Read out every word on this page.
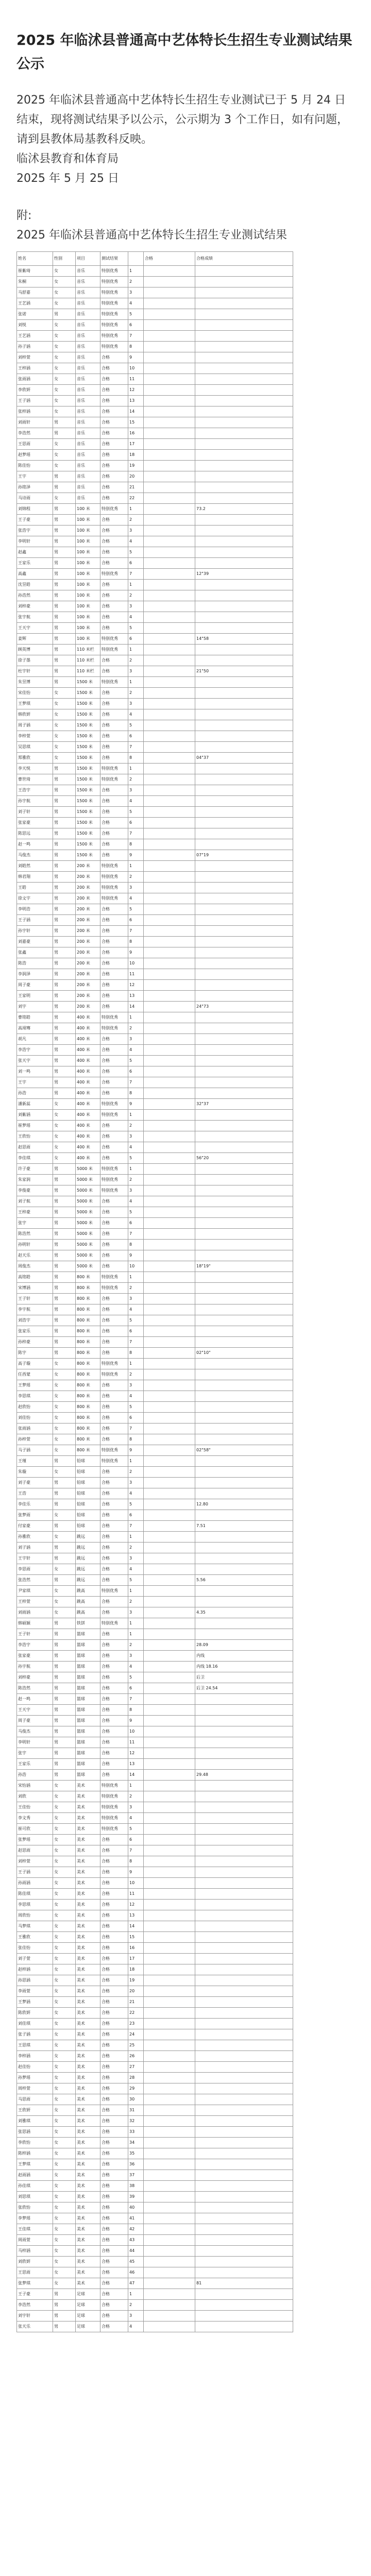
2025 年临沭县普通高中艺体特长生招生专业测试结果公示

2025 年临沭县普通高中艺体特长生招生专业测试已于 5 月 24 日结束，现将测试结果予以公示，公示期为 3 个工作日，如有问题，请到县教体局基教科反映。

临沭县教育和体育局

2025 年 5 月 25 日

附:

2025 年临沭县普通高中艺体特长生招生专业测试结果

姓名	性别	项目	测试结果		合格	合格成绩
崔紫琦	女	音乐	特别优秀	1		
朱桐	女	音乐	特别优秀	2		
马舒嘉	女	音乐	特别优秀	3		
王艺涵	女	音乐	特别优秀	4		
张诺	男	音乐	特别优秀	5		
刘悦	女	音乐	特别优秀	6		
王艺涵	女	音乐	特别优秀	7		
孙子涵	女	音乐	特别优秀	8		
刘梓萱	女	音乐	合格	9		
王梓涵	女	音乐	合格	10		
张雨涵	女	音乐	合格	11		
李欣妍	女	音乐	合格	12		
王子涵	女	音乐	合格	13		
张梓涵	女	音乐	合格	14		
刘雨轩	男	音乐	合格	15		
李浩然	男	音乐	合格	16		
王思雨	女	音乐	合格	17		
赵梦瑶	女	音乐	合格	18		
陈佳怡	女	音乐	合格	19		
王宇	男	音乐	合格	20		
孙铭泽	男	音乐	合格	21		
马诗雨	女	音乐	合格	22		
刘锦程	男	100 米	特别优秀	1		73.2
王子豪	男	100 米	合格	2		
张浩宇	男	100 米	合格	3		
李明轩	男	100 米	合格	4		
赵鑫	男	100 米	合格	5		
王家乐	男	100 米	合格	6		
高鑫	男	100 米	特别优秀	7		12"39
沈昱皓	男	100 米	合格	1		
孙浩然	男	100 米	合格	2		
刘梓豪	男	100 米	合格	3		
张宇航	男	100 米	合格	4		
王天宇	男	100 米	合格	5		
姜辉	男	100 米	特别优秀	6		14"58
顾英博	男	110 米栏	特别优秀	1		
徐子墨	男	110 米栏	合格	2		
杜宇轩	男	110 米栏	合格	3		21"50
朱昱博	男	1500 米	特别优秀	1		
宋佳怡	女	1500 米	合格	2		
王梦琪	女	1500 米	合格	3		
韩欣妍	女	1500 米	合格	4		
周子涵	女	1500 米	合格	5		
李梓萱	女	1500 米	合格	6		
吴思琪	女	1500 米	合格	7		
郑雅欣	女	1500 米	合格	8		04"37
李天悦	男	1500 米	特别优秀	1		
曹世琦	男	1500 米	特别优秀	2		
王浩宇	男	1500 米	合格	3		
孙宇航	男	1500 米	合格	4		
刘子轩	男	1500 米	合格	5		
张家豪	男	1500 米	合格	6		
陈思远	男	1500 米	合格	7		
赵一鸣	男	1500 米	合格	8		
马俊杰	男	1500 米	合格	9		07"19
刘皓然	男	200 米	特别优秀	1		
韩君翔	男	200 米	特别优秀	2		
王皓	男	200 米	特别优秀	3		
徐文宇	男	200 米	特别优秀	4		
李明浩	男	200 米	合格	5		
王子涵	男	200 米	合格	6		
孙宇轩	男	200 米	合格	7		
刘嘉豪	男	200 米	合格	8		
张鑫	男	200 米	合格	9		
陈浩	男	200 米	合格	10		
李润泽	男	200 米	合格	11		
周子豪	男	200 米	合格	12		
王家明	男	200 米	合格	13		
刘宇	男	200 米	合格	14		24"73
曹铭皓	男	400 米	特别优秀	1		
高翊骞	男	400 米	特别优秀	2		
胡凡	男	400 米	合格	3		
李浩宇	男	400 米	合格	4		
张天宇	男	400 米	合格	5		
刘一鸣	男	400 米	合格	6		
王宇	男	400 米	合格	7		
孙浩	男	400 米	合格	8		
潘新蕊	女	400 米	特别优秀	9		32"37
刘紫涵	女	400 米	特别优秀	1		
崔梦瑶	女	400 米	合格	2		
王欣怡	女	400 米	合格	3		
赵思雨	女	400 米	合格	4		
李佳琪	女	400 米	合格	5		56"20
许子豪	男	5000 米	特别优秀	1		
朱家润	男	5000 米	特别优秀	2		
李俊豪	男	5000 米	特别优秀	3		
刘子航	男	5000 米	合格	4		
王梓豪	男	5000 米	合格	5		
张宇	男	5000 米	合格	6		
陈浩然	男	5000 米	合格	7		
孙明轩	男	5000 米	合格	8		
赵天乐	男	5000 米	合格	9		
周俊杰	男	5000 米	合格	10		18"19"
高铭皓	男	800 米	特别优秀	1		
宋博涵	男	800 米	特别优秀	2		
王子轩	男	800 米	合格	3		
李宇航	男	800 米	合格	4		
刘浩宇	男	800 米	合格	5		
张家乐	男	800 米	合格	6		
孙梓豪	男	800 米	合格	7		
陈宇	男	800 米	合格	8		02"10"
高子璇	女	800 米	特别优秀	1		
任西蒙	女	800 米	特别优秀	2		
王梦瑶	女	800 米	合格	3		
李思琪	女	800 米	合格	4		
赵欣怡	女	800 米	合格	5		
刘佳怡	女	800 米	合格	6		
张雨涵	女	800 米	合格	7		
孙梓萱	女	800 米	合格	8		
马子涵	女	800 米	特别优秀	9		02"58"
王瑾	男	铅球	特别优秀	1		
朱璇	女	铅球	合格	2		
刘子豪	男	铅球	合格	3		
王浩	男	铅球	合格	4		
李佳乐	男	铅球	合格	5		12.80
张梦雨	女	铅球	合格	6		
付家豪	男	铅球	合格	7		7.51
孙雅欣	女	跳远	合格	1		
刘子涵	男	跳远	合格	2		
王宇轩	男	跳远	合格	3		
李思雨	女	跳远	合格	4		
张浩然	男	跳远	合格	5		5.56
尹家琪	女	跳高	特别优秀	1		
王梓萱	女	跳高	合格	2		
刘雨涵	女	跳高	合格	3		4.35
韩硕颖	男	铁饼	特别优秀	1		
王子轩	男	篮球	合格	1		
李浩宇	男	篮球	合格	2		28.09
张家豪	男	篮球	合格	3		内线
孙宇航	男	篮球	合格	4		内线 18.16
刘梓豪	男	篮球	合格	5		后卫
陈浩然	男	篮球	合格	6		后卫 24.54
赵一鸣	男	篮球	合格	7		
王天宇	男	篮球	合格	8		
周子豪	男	篮球	合格	9		
马俊杰	男	篮球	合格	10		
李明轩	男	篮球	合格	11		
张宇	男	篮球	合格	12		
王家乐	男	篮球	合格	13		
孙浩	男	篮球	合格	14		29.48
宋怡涵	女	美术	特别优秀	1		
刘欣	女	美术	特别优秀	2		
王佳怡	女	美术	特别优秀	3		
李文秀	女	美术	特别优秀	4		
崔可欣	女	美术	特别优秀	5		
张梦瑶	女	美术	合格	6		
赵思雨	女	美术	合格	7		
刘梓萱	女	美术	合格	8		
王子涵	女	美术	合格	9		
孙雨涵	女	美术	合格	10		
陈佳琪	女	美术	合格	11		
李思琪	女	美术	合格	12		
周欣怡	女	美术	合格	13		
马梦琪	女	美术	合格	14		
王雅欣	女	美术	合格	15		
张佳怡	女	美术	合格	16		
刘子萱	女	美术	合格	17		
赵梓涵	女	美术	合格	18		
孙思涵	女	美术	合格	19		
李雨萱	女	美术	合格	20		
王梦涵	女	美术	合格	21		
陈欣妍	女	美术	合格	22		
刘佳琪	女	美术	合格	23		
张子涵	女	美术	合格	24		
王思琪	女	美术	合格	25		
李梓涵	女	美术	合格	26		
赵佳怡	女	美术	合格	27		
孙梦瑶	女	美术	合格	28		
周梓萱	女	美术	合格	29		
马思雨	女	美术	合格	30		
王欣妍	女	美术	合格	31		
刘雅琪	女	美术	合格	32		
张思涵	女	美术	合格	33		
李欣怡	女	美术	合格	34		
陈梓涵	女	美术	合格	35		
王梦琪	女	美术	合格	36		
赵雨涵	女	美术	合格	37		
孙佳琪	女	美术	合格	38		
刘思琪	女	美术	合格	39		
张欣怡	女	美术	合格	40		
李梦瑶	女	美术	合格	41		
王佳琪	女	美术	合格	42		
周雨萱	女	美术	合格	43		
马梓涵	女	美术	合格	44		
刘欣妍	女	美术	合格	45		
王思雨	女	美术	合格	46		
张梦琪	女	美术	合格	47		81
王子豪	男	足球	合格	1		
李浩然	男	足球	合格	2		
刘宇轩	男	足球	合格	3		
张天乐	男	足球	合格	4		
